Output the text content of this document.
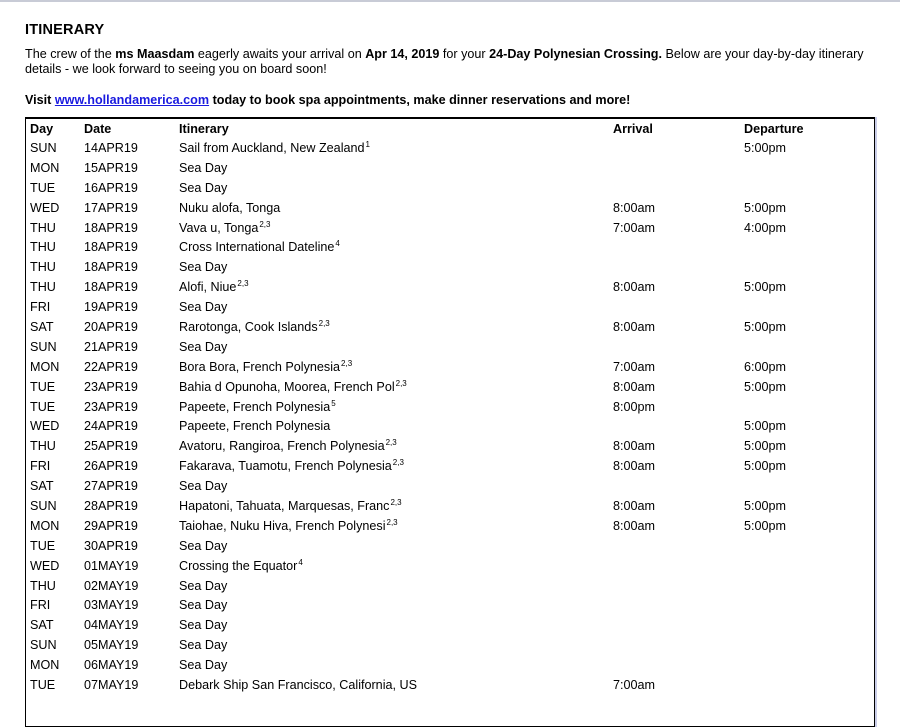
ITINERARY

The crew of the ms Maasdam eagerly awaits your arrival on Apr 14, 2019 for your 24-Day Polynesian Crossing. Below are your day-by-day itinerary details - we look forward to seeing you on board soon!

Visit www.hollandamerica.com today to book spa appointments, make dinner reservations and more!

Day	Date	Itinerary	Arrival	Departure
SUN	14APR19	Sail from Auckland, New Zealand$^1$		5:00pm
MON	15APR19	Sea Day		
TUE	16APR19	Sea Day		
WED	17APR19	Nuku alofa, Tonga	8:00am	5:00pm
THU	18APR19	Vava u, Tonga$^{2,3}$	7:00am	4:00pm
THU	18APR19	Cross International Dateline$^4$		
THU	18APR19	Sea Day		
THU	18APR19	Alofi, Niue$^{2,3}$	8:00am	5:00pm
FRI	19APR19	Sea Day		
SAT	20APR19	Rarotonga, Cook Islands$^{2,3}$	8:00am	5:00pm
SUN	21APR19	Sea Day		
MON	22APR19	Bora Bora, French Polynesia$^{2,3}$	7:00am	6:00pm
TUE	23APR19	Bahia d Opunoha, Moorea, French Pol$^{2,3}$	8:00am	5:00pm
TUE	23APR19	Papeete, French Polynesia$^5$	8:00pm	
WED	24APR19	Papeete, French Polynesia		5:00pm
THU	25APR19	Avatoru, Rangiroa, French Polynesia$^{2,3}$	8:00am	5:00pm
FRI	26APR19	Fakarava, Tuamotu, French Polynesia$^{2,3}$	8:00am	5:00pm
SAT	27APR19	Sea Day		
SUN	28APR19	Hapatoni, Tahuata, Marquesas, Franc$^{2,3}$	8:00am	5:00pm
MON	29APR19	Taiohae, Nuku Hiva, French Polynesi$^{2,3}$	8:00am	5:00pm
TUE	30APR19	Sea Day		
WED	01MAY19	Crossing the Equator$^4$		
THU	02MAY19	Sea Day		
FRI	03MAY19	Sea Day		
SAT	04MAY19	Sea Day		
SUN	05MAY19	Sea Day		
MON	06MAY19	Sea Day		
TUE	07MAY19	Debark Ship San Francisco, California, US	7:00am	
